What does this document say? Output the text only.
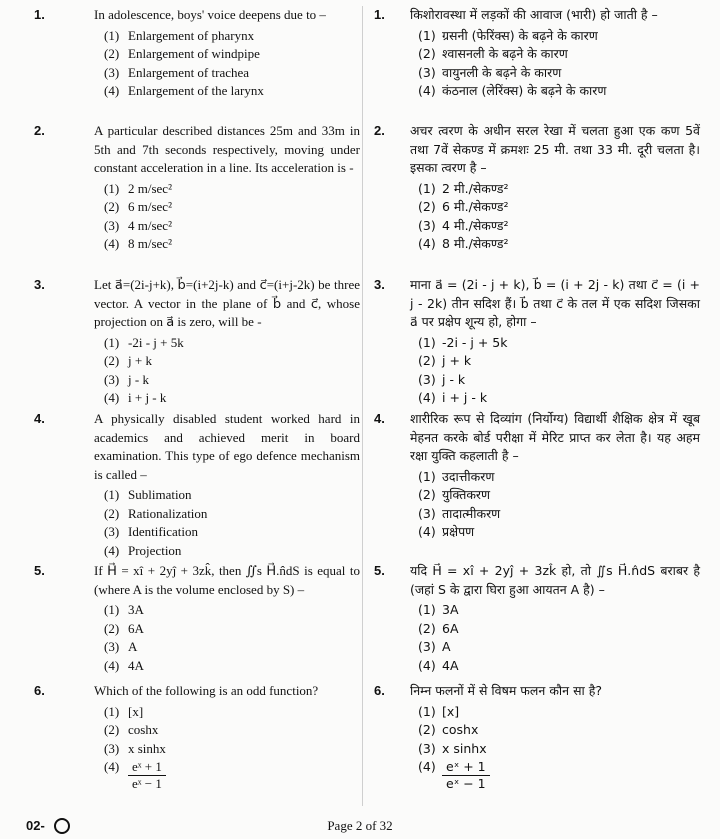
1.	In adolescence, boys' voice deepens due to –
(1) Enlargement of pharynx
(2) Enlargement of windpipe
(3) Enlargement of trachea
(4) Enlargement of the larynx
1.	किशोरावस्था में लड़कों की आवाज (भारी) हो जाती है –
(1) ग्रसनी (फेरिंक्स) के बढ़ने के कारण
(2) श्वासनली के बढ़ने के कारण
(3) वायुनली के बढ़ने के कारण
(4) कंठनाल (लेरिंक्स) के बढ़ने के कारण
2.	A particular described distances 25m and 33m in 5th and 7th seconds respectively, moving under constant acceleration in a line. Its acceleration is -
(1) 2 m/sec²
(2) 6 m/sec²
(3) 4 m/sec²
(4) 8 m/sec²
2.	अचर त्वरण के अधीन सरल रेखा में चलता हुआ एक कण 5वें तथा 7वें सेकण्ड में क्रमशः 25 मी. तथा 33 मी. दूरी चलता है। इसका त्वरण है –
(1) 2 मी./सेकण्ड²
(2) 6 मी./सेकण्ड²
(3) 4 मी./सेकण्ड²
(4) 8 मी./सेकण्ड²
3.	Let a⃗=(2i-j+k), b⃗=(i+2j-k) and c⃗=(i+j-2k) be three vector. A vector in the plane of b⃗ and c⃗, whose projection on a⃗ is zero, will be -
(1) -2i - j + 5k
(2) j + k
(3) j - k
(4) i + j - k
3.	माना a⃗ = (2i - j + k), b⃗ = (i + 2j - k) तथा c⃗ = (i + j - 2k) तीन सदिश हैं। b⃗ तथा c⃗ के तल में एक सदिश जिसका a⃗ पर प्रक्षेप शून्य हो, होगा –
(1) -2i - j + 5k
(2) j + k
(3) j - k
(4) i + j - k
4.	A physically disabled student worked hard in academics and achieved merit in board examination. This type of ego defence mechanism is called –
(1) Sublimation
(2) Rationalization
(3) Identification
(4) Projection
4.	शारीरिक रूप से दिव्यांग (निर्योग्य) विद्यार्थी शैक्षिक क्षेत्र में खूब मेहनत करके बोर्ड परीक्षा में मेरिट प्राप्त कर लेता है। यह अहम रक्षा युक्ति कहलाती है –
(1) उदात्तीकरण
(2) युक्तिकरण
(3) तादात्मीकरण
(4) प्रक्षेपण
5.	If H⃗ = xî + 2yĵ + 3zk̂, then ∬s H⃗.n̂dS is equal to (where A is the volume enclosed by S) –
(1) 3A
(2) 6A
(3) A
(4) 4A
5.	यदि H⃗ = xî + 2yĵ + 3zk̂ हो, तो ∬s H⃗.n̂dS बराबर है (जहां S के द्वारा घिरा हुआ आयतन A है) –
(1) 3A
(2) 6A
(3) A
(4) 4A
6.	Which of the following is an odd function?
(1) [x]
(2) coshx
(3) x sinhx
$(4) \frac{\text{eˣ + 1}}{\text{eˣ − 1}}$
6.	निम्न फलनों में से विषम फलन कौन सा है?
(1) [x]
(2) coshx
(3) x sinhx
$(4) \frac{\text{eˣ + 1}}{\text{eˣ − 1}}$
02-	Page 2 of 32
